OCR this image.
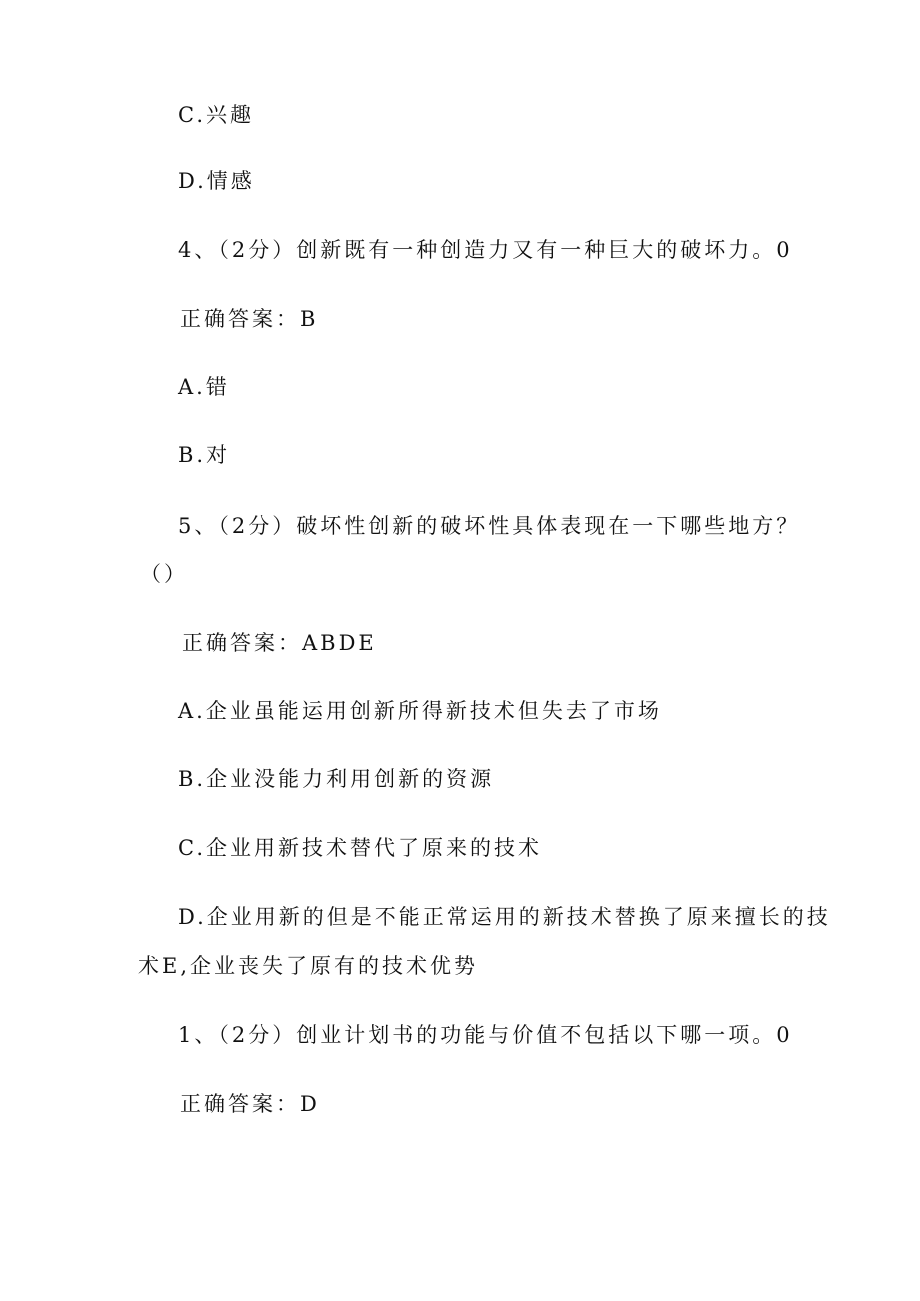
C.兴趣

D.情感

4、（2分）创新既有一种创造力又有一种巨大的破坏力。0

正确答案：B

A.错

B.对

5、（2分）破坏性创新的破坏性具体表现在一下哪些地方？

（）

正确答案：ABDE

A.企业虽能运用创新所得新技术但失去了市场

B.企业没能力利用创新的资源

C.企业用新技术替代了原来的技术

D.企业用新的但是不能正常运用的新技术替换了原来擅长的技

术E,企业丧失了原有的技术优势

1、（2分）创业计划书的功能与价值不包括以下哪一项。0

正确答案：D
